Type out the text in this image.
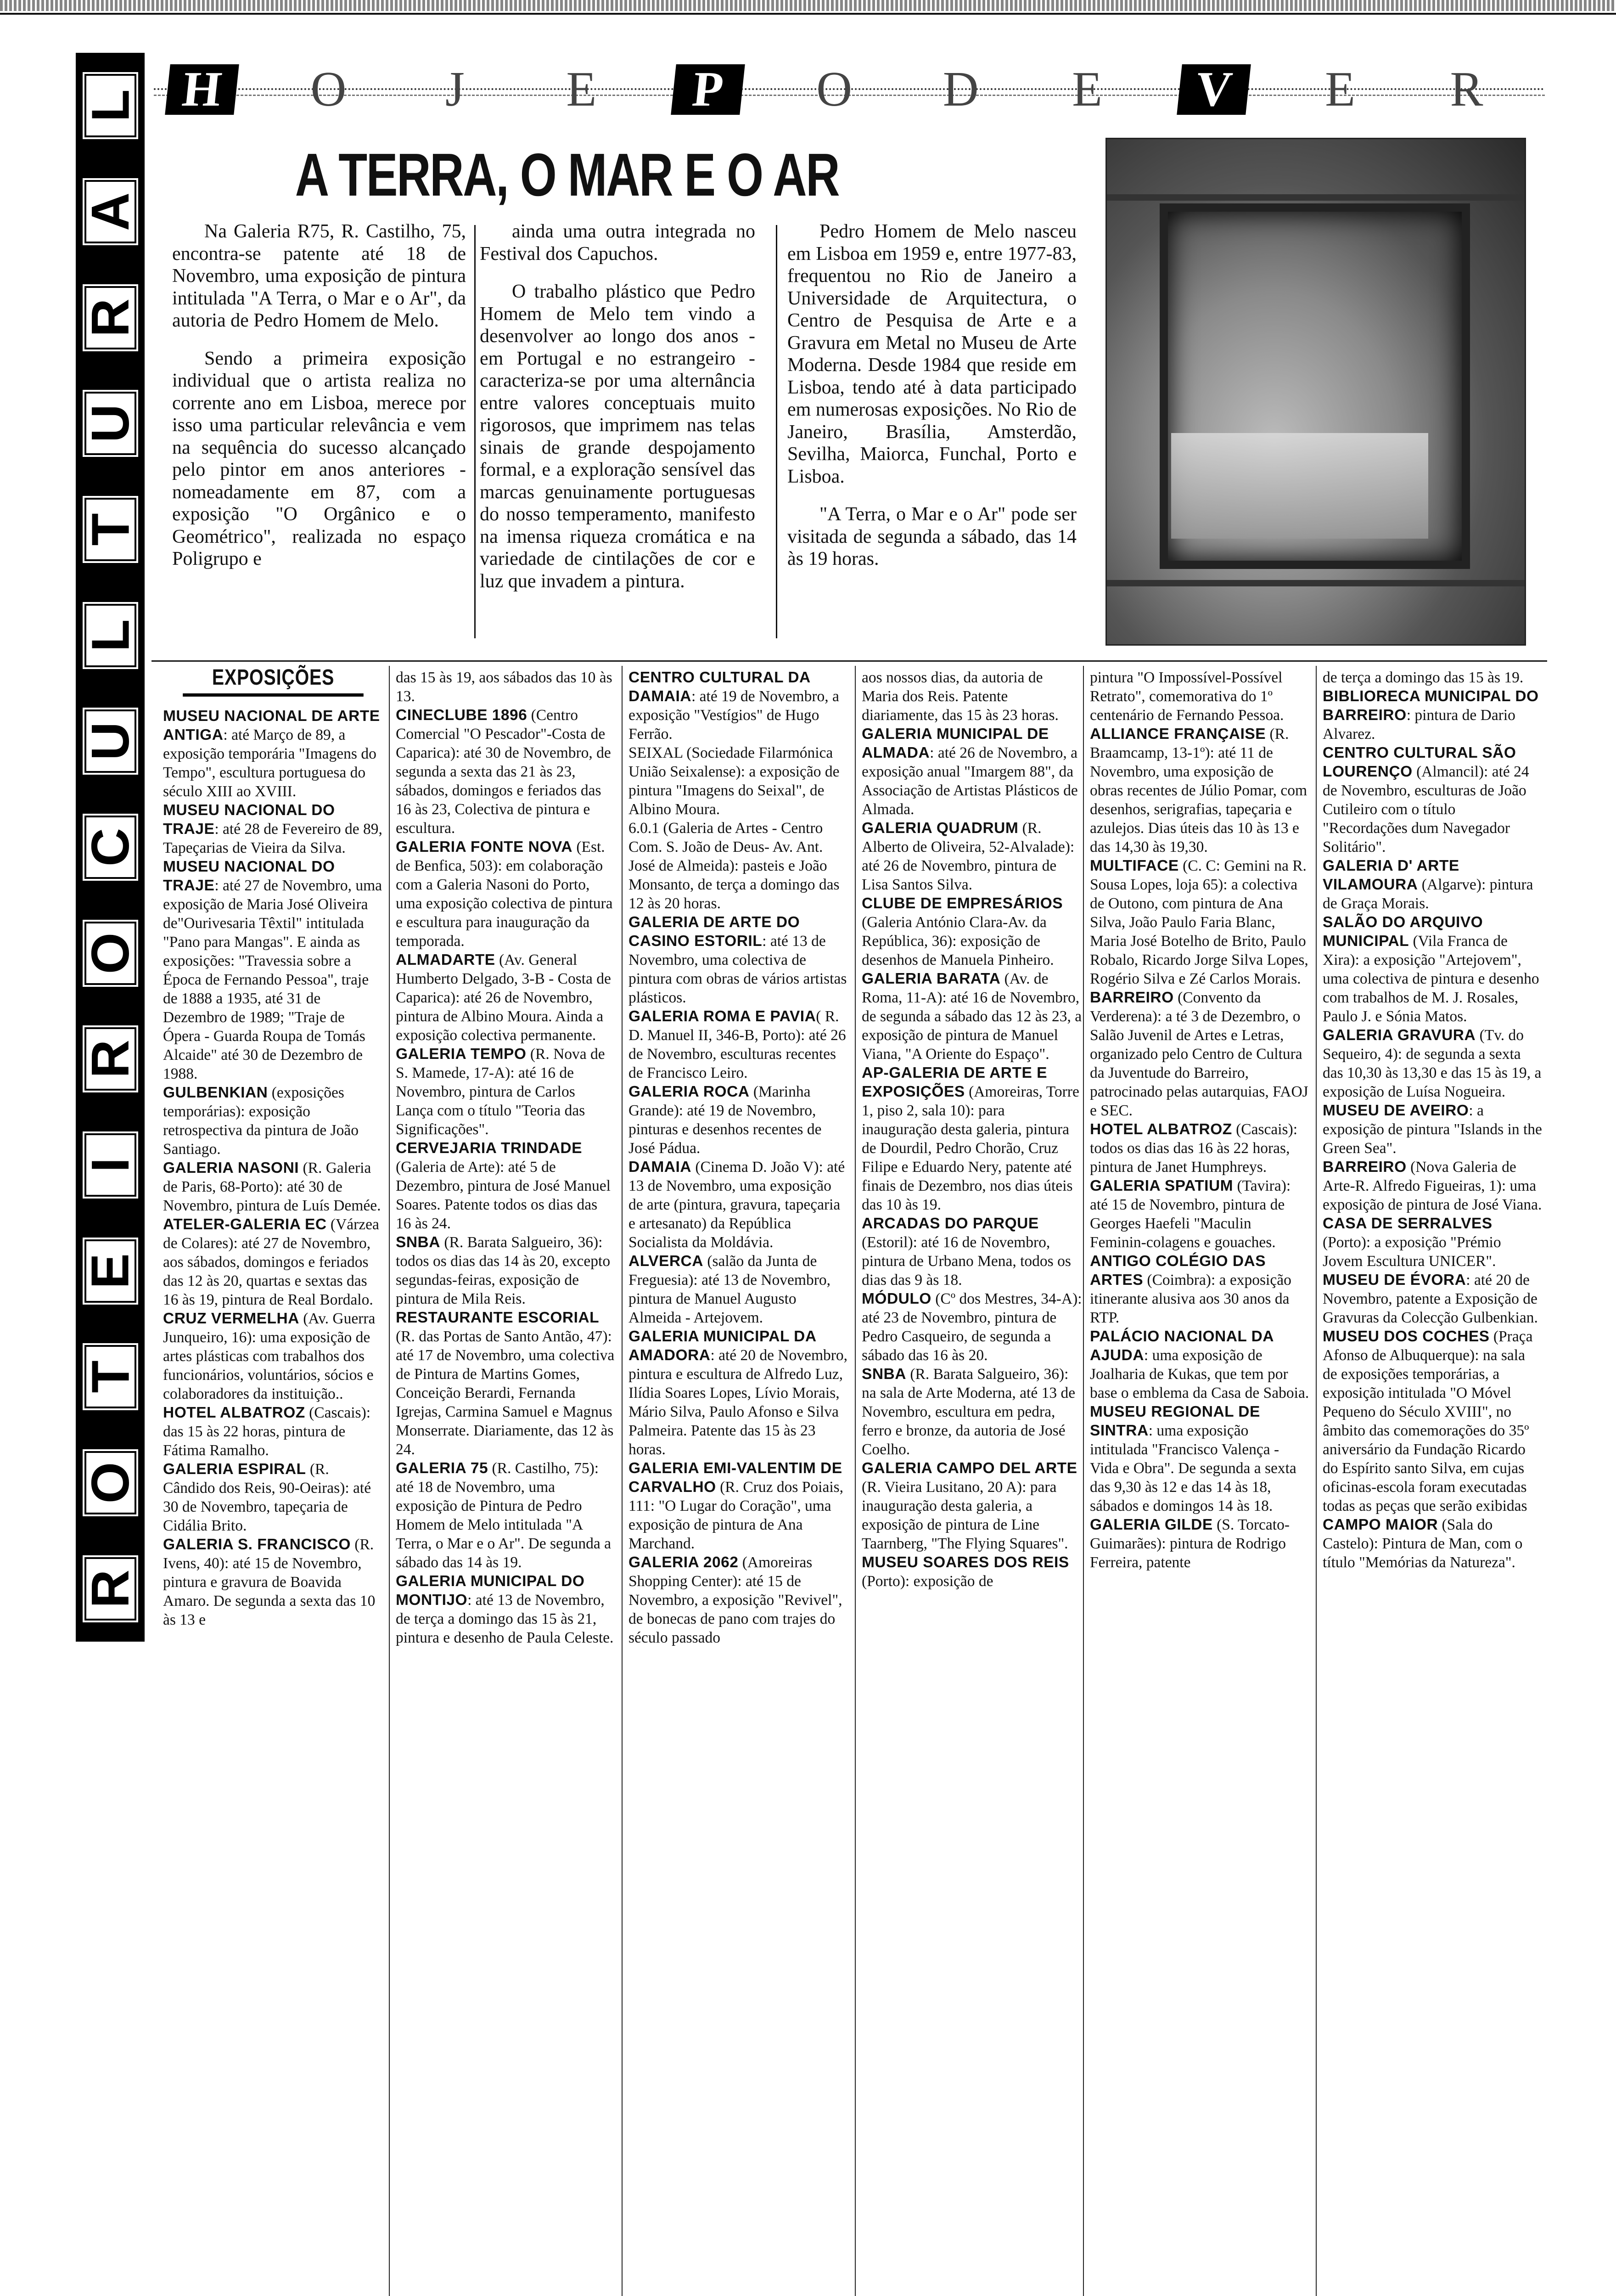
L
A
R
U
T
L
U
C
O
R
I
E
T
O
R
H	O	J	E	P	O	D	E	V	E	R
A TERRA, O MAR E O AR

Na Galeria R75, R. Castilho, 75, encontra-se patente até 18 de Novembro, uma exposição de pintura intitulada "A Terra, o Mar e o Ar", da autoria de Pedro Homem de Melo.

Sendo a primeira exposição individual que o artista realiza no corrente ano em Lisboa, merece por isso uma particular relevância e vem na sequência do sucesso alcançado pelo pintor em anos anteriores - nomeadamente em 87, com a exposição "O Orgânico e o Geométrico", realizada no espaço Poligrupo e

ainda uma outra integrada no Festival dos Capuchos.

O trabalho plástico que Pedro Homem de Melo tem vindo a desenvolver ao longo dos anos - em Portugal e no estrangeiro - caracteriza-se por uma alternância entre valores conceptuais muito rigorosos, que imprimem nas telas sinais de grande despojamento formal, e a exploração sensível das marcas genuinamente portuguesas do nosso temperamento, manifesto na imensa riqueza cromática e na variedade de cintilações de cor e luz que invadem a pintura.

Pedro Homem de Melo nasceu em Lisboa em 1959 e, entre 1977-83, frequentou no Rio de Janeiro a Universidade de Arquitectura, o Centro de Pesquisa de Arte e a Gravura em Metal no Museu de Arte Moderna. Desde 1984 que reside em Lisboa, tendo até à data participado em numerosas exposições. No Rio de Janeiro, Brasília, Amsterdão, Sevilha, Maiorca, Funchal, Porto e Lisboa.

"A Terra, o Mar e o Ar" pode ser visitada de segunda a sábado, das 14 às 19 horas.

EXPOSIÇÕES

MUSEU NACIONAL DE ARTE ANTIGA: até Março de 89, a exposição temporária "Imagens do Tempo", escultura portuguesa do século XIII ao XVIII.

MUSEU NACIONAL DO TRAJE: até 28 de Fevereiro de 89, Tapeçarias de Vieira da Silva.

MUSEU NACIONAL DO TRAJE: até 27 de Novembro, uma exposição de Maria José Oliveira de"Ourivesaria Têxtil" intitulada "Pano para Mangas". E ainda as exposições: "Travessia sobre a Época de Fernando Pessoa", traje de 1888 a 1935, até 31 de Dezembro de 1989; "Traje de Ópera - Guarda Roupa de Tomás Alcaide" até 30 de Dezembro de 1988.

GULBENKIAN (exposições temporárias): exposição retrospectiva da pintura de João Santiago.

GALERIA NASONI (R. Galeria de Paris, 68-Porto): até 30 de Novembro, pintura de Luís Demée.

ATELER-GALERIA EC (Várzea de Colares): até 27 de Novembro, aos sábados, domingos e feriados das 12 às 20, quartas e sextas das 16 às 19, pintura de Real Bordalo.

CRUZ VERMELHA (Av. Guerra Junqueiro, 16): uma exposição de artes plásticas com trabalhos dos funcionários, voluntários, sócios e colaboradores da instituição..

HOTEL ALBATROZ (Cascais): das 15 às 22 horas, pintura de Fátima Ramalho.

GALERIA ESPIRAL (R. Cândido dos Reis, 90-Oeiras): até 30 de Novembro, tapeçaria de Cidália Brito.

GALERIA S. FRANCISCO (R. Ivens, 40): até 15 de Novembro, pintura e gravura de Boavida Amaro. De segunda a sexta das 10 às 13 e

das 15 às 19, aos sábados das 10 às 13.

CINECLUBE 1896 (Centro Comercial "O Pescador"-Costa de Caparica): até 30 de Novembro, de segunda a sexta das 21 às 23, sábados, domingos e feriados das 16 às 23, Colectiva de pintura e escultura.

GALERIA FONTE NOVA (Est. de Benfica, 503): em colaboração com a Galeria Nasoni do Porto, uma exposição colectiva de pintura e escultura para inauguração da temporada.

ALMADARTE (Av. General Humberto Delgado, 3-B - Costa de Caparica): até 26 de Novembro, pintura de Albino Moura. Ainda a exposição colectiva permanente.

GALERIA TEMPO (R. Nova de S. Mamede, 17-A): até 16 de Novembro, pintura de Carlos Lança com o título "Teoria das Significações".

CERVEJARIA TRINDADE (Galeria de Arte): até 5 de Dezembro, pintura de José Manuel Soares. Patente todos os dias das 16 às 24.

SNBA (R. Barata Salgueiro, 36): todos os dias das 14 às 20, excepto segundas-feiras, exposição de pintura de Mila Reis.

RESTAURANTE ESCORIAL (R. das Portas de Santo Antão, 47): até 17 de Novembro, uma colectiva de Pintura de Martins Gomes, Conceição Berardi, Fernanda Igrejas, Carmina Samuel e Magnus Monserrate. Diariamente, das 12 às 24.

GALERIA 75 (R. Castilho, 75): até 18 de Novembro, uma exposição de Pintura de Pedro Homem de Melo intitulada "A Terra, o Mar e o Ar". De segunda a sábado das 14 às 19.

GALERIA MUNICIPAL DO MONTIJO: até 13 de Novembro, de terça a domingo das 15 às 21, pintura e desenho de Paula Celeste.

CENTRO CULTURAL DA DAMAIA: até 19 de Novembro, a exposição "Vestígios" de Hugo Ferrão.

SEIXAL (Sociedade Filarmónica União Seixalense): a exposição de pintura "Imagens do Seixal", de Albino Moura.

6.0.1 (Galeria de Artes - Centro Com. S. João de Deus- Av. Ant. José de Almeida): pasteis e João Monsanto, de terça a domingo das 12 às 20 horas.

GALERIA DE ARTE DO CASINO ESTORIL: até 13 de Novembro, uma colectiva de pintura com obras de vários artistas plásticos.

GALERIA ROMA E PAVIA( R. D. Manuel II, 346-B, Porto): até 26 de Novembro, esculturas recentes de Francisco Leiro.

GALERIA ROCA (Marinha Grande): até 19 de Novembro, pinturas e desenhos recentes de José Pádua.

DAMAIA (Cinema D. João V): até 13 de Novembro, uma exposição de arte (pintura, gravura, tapeçaria e artesanato) da República Socialista da Moldávia.

ALVERCA (salão da Junta de Freguesia): até 13 de Novembro, pintura de Manuel Augusto Almeida - Artejovem.

GALERIA MUNICIPAL DA AMADORA: até 20 de Novembro, pintura e escultura de Alfredo Luz, Ilídia Soares Lopes, Lívio Morais, Mário Silva, Paulo Afonso e Silva Palmeira. Patente das 15 às 23 horas.

GALERIA EMI-VALENTIM DE CARVALHO (R. Cruz dos Poiais, 111: "O Lugar do Coração", uma exposição de pintura de Ana Marchand.

GALERIA 2062 (Amoreiras Shopping Center): até 15 de Novembro, a exposição "Revivel", de bonecas de pano com trajes do século passado

aos nossos dias, da autoria de Maria dos Reis. Patente diariamente, das 15 às 23 horas.

GALERIA MUNICIPAL DE ALMADA: até 26 de Novembro, a exposição anual "Imargem 88", da Associação de Artistas Plásticos de Almada.

GALERIA QUADRUM (R. Alberto de Oliveira, 52-Alvalade): até 26 de Novembro, pintura de Lisa Santos Silva.

CLUBE DE EMPRESÁRIOS (Galeria António Clara-Av. da República, 36): exposição de desenhos de Manuela Pinheiro.

GALERIA BARATA (Av. de Roma, 11-A): até 16 de Novembro, de segunda a sábado das 12 às 23, a exposição de pintura de Manuel Viana, "A Oriente do Espaço".

AP-GALERIA DE ARTE E EXPOSIÇÕES (Amoreiras, Torre 1, piso 2, sala 10): para inauguração desta galeria, pintura de Dourdil, Pedro Chorão, Cruz Filipe e Eduardo Nery, patente até finais de Dezembro, nos dias úteis das 10 às 19.

ARCADAS DO PARQUE (Estoril): até 16 de Novembro, pintura de Urbano Mena, todos os dias das 9 às 18.

MÓDULO (Cº dos Mestres, 34-A): até 23 de Novembro, pintura de Pedro Casqueiro, de segunda a sábado das 16 às 20.

SNBA (R. Barata Salgueiro, 36): na sala de Arte Moderna, até 13 de Novembro, escultura em pedra, ferro e bronze, da autoria de José Coelho.

GALERIA CAMPO DEL ARTE (R. Vieira Lusitano, 20 A): para inauguração desta galeria, a exposição de pintura de Line Taarnberg, "The Flying Squares".

MUSEU SOARES DOS REIS (Porto): exposição de

pintura "O Impossível-Possível Retrato", comemorativa do 1º centenário de Fernando Pessoa.

ALLIANCE FRANÇAISE (R. Braamcamp, 13-1º): até 11 de Novembro, uma exposição de obras recentes de Júlio Pomar, com desenhos, serigrafias, tapeçaria e azulejos. Dias úteis das 10 às 13 e das 14,30 às 19,30.

MULTIFACE (C. C: Gemini na R. Sousa Lopes, loja 65): a colectiva de Outono, com pintura de Ana Silva, João Paulo Faria Blanc, Maria José Botelho de Brito, Paulo Robalo, Ricardo Jorge Silva Lopes, Rogério Silva e Zé Carlos Morais.

BARREIRO (Convento da Verderena): a té 3 de Dezembro, o Salão Juvenil de Artes e Letras, organizado pelo Centro de Cultura da Juventude do Barreiro, patrocinado pelas autarquias, FAOJ e SEC.

HOTEL ALBATROZ (Cascais): todos os dias das 16 às 22 horas, pintura de Janet Humphreys.

GALERIA SPATIUM (Tavira): até 15 de Novembro, pintura de Georges Haefeli "Maculin Feminin-colagens e gouaches.

ANTIGO COLÉGIO DAS ARTES (Coimbra): a exposição itinerante alusiva aos 30 anos da RTP.

PALÁCIO NACIONAL DA AJUDA: uma exposição de Joalharia de Kukas, que tem por base o emblema da Casa de Saboia.

MUSEU REGIONAL DE SINTRA: uma exposição intitulada "Francisco Valença - Vida e Obra". De segunda a sexta das 9,30 às 12 e das 14 às 18, sábados e domingos 14 às 18.

GALERIA GILDE (S. Torcato-Guimarães): pintura de Rodrigo Ferreira, patente

de terça a domingo das 15 às 19.

BIBLIORECA MUNICIPAL DO BARREIRO: pintura de Dario Alvarez.

CENTRO CULTURAL SÃO LOURENÇO (Almancil): até 24 de Novembro, esculturas de João Cutileiro com o título "Recordações dum Navegador Solitário".

GALERIA D' ARTE VILAMOURA (Algarve): pintura de Graça Morais.

SALÃO DO ARQUIVO MUNICIPAL (Vila Franca de Xira): a exposição "Artejovem", uma colectiva de pintura e desenho com trabalhos de M. J. Rosales, Paulo J. e Sónia Matos.

GALERIA GRAVURA (Tv. do Sequeiro, 4): de segunda a sexta das 10,30 às 13,30 e das 15 às 19, a exposição de Luísa Nogueira.

MUSEU DE AVEIRO: a exposição de pintura "Islands in the Green Sea".

BARREIRO (Nova Galeria de Arte-R. Alfredo Figueiras, 1): uma exposição de pintura de José Viana.

CASA DE SERRALVES (Porto): a exposição "Prémio Jovem Escultura UNICER".

MUSEU DE ÉVORA: até 20 de Novembro, patente a Exposição de Gravuras da Colecção Gulbenkian.

MUSEU DOS COCHES (Praça Afonso de Albuquerque): na sala de exposições temporárias, a exposição intitulada "O Móvel Pequeno do Século XVIII", no âmbito das comemorações do 35º aniversário da Fundação Ricardo do Espírito santo Silva, em cujas oficinas-escola foram executadas todas as peças que serão exibidas

CAMPO MAIOR (Sala do Castelo): Pintura de Man, com o título "Memórias da Natureza".
